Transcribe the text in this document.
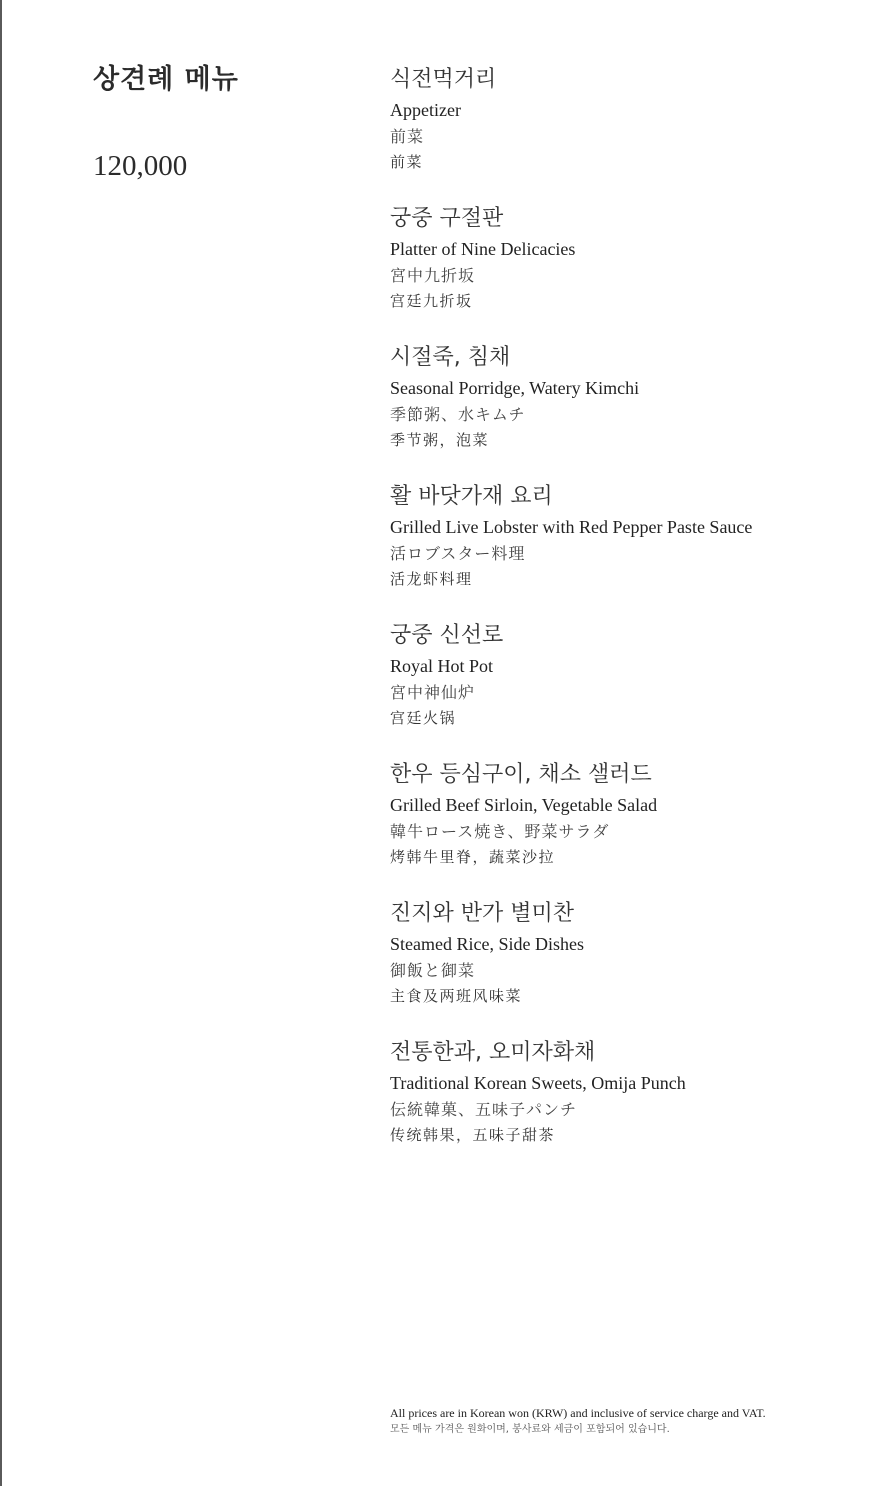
상견례 메뉴
120,000
식전먹거리
Appetizer
前菜
前菜
궁중 구절판
Platter of Nine Delicacies
宮中九折坂
宫廷九折坂
시절죽, 침채
Seasonal Porridge, Watery Kimchi
季節粥、水キムチ
季节粥，泡菜
활 바닷가재 요리
Grilled Live Lobster with Red Pepper Paste Sauce
活ロブスター料理
活龙虾料理
궁중 신선로
Royal Hot Pot
宮中神仙炉
宫廷火锅
한우 등심구이, 채소 샐러드
Grilled Beef Sirloin, Vegetable Salad
韓牛ロース焼き、野菜サラダ
烤韩牛里脊，蔬菜沙拉
진지와 반가 별미찬
Steamed Rice, Side Dishes
御飯と御菜
主食及两班风味菜
전통한과, 오미자화채
Traditional Korean Sweets, Omija Punch
伝統韓菓、五味子パンチ
传统韩果，五味子甜茶
All prices are in Korean won (KRW) and inclusive of service charge and VAT.
모든 메뉴 가격은 원화이며, 봉사료와 세금이 포함되어 있습니다.
